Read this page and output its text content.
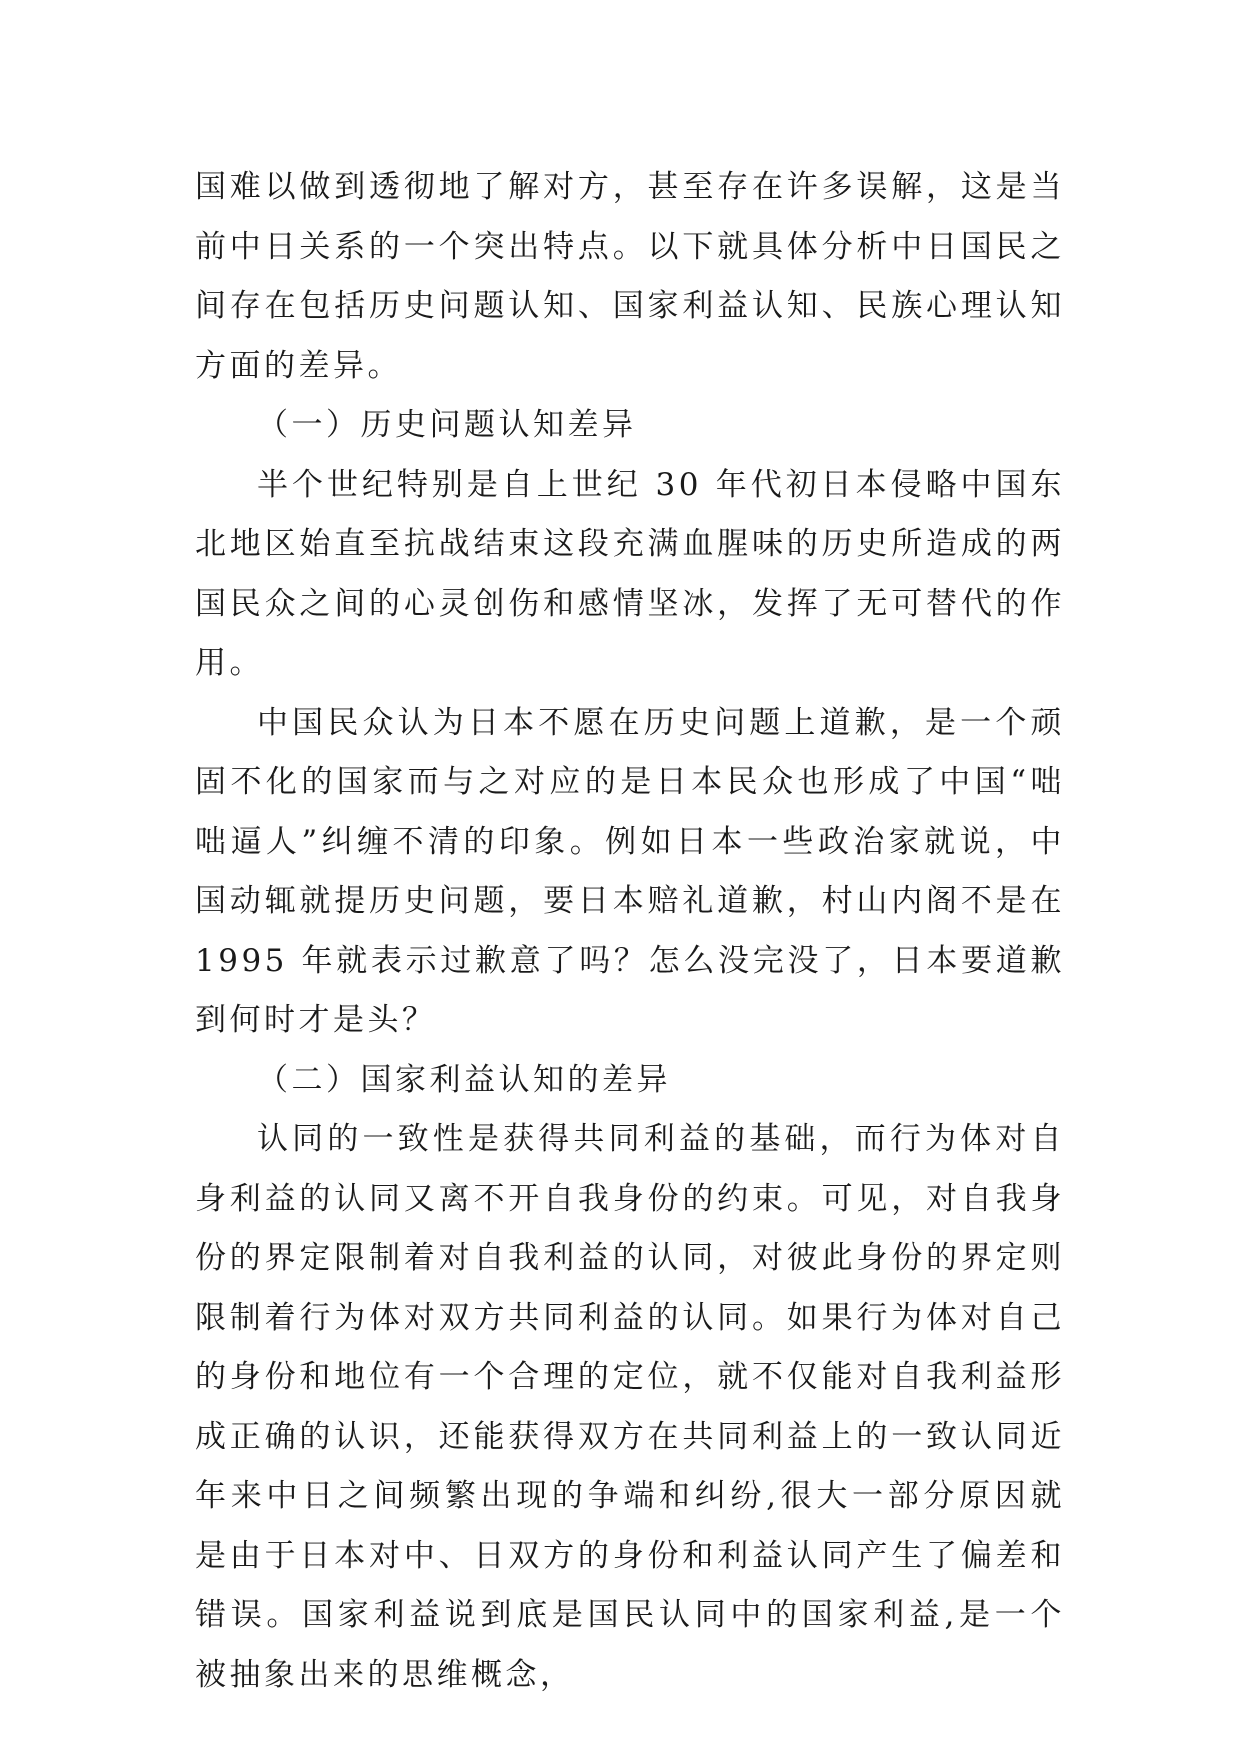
国难以做到透彻地了解对方，甚至存在许多误解，这是当前中日关系的一个突出特点。以下就具体分析中日国民之间存在包括历史问题认知、国家利益认知、民族心理认知方面的差异。

（一）历史问题认知差异

半个世纪特别是自上世纪 30 年代初日本侵略中国东北地区始直至抗战结束这段充满血腥味的历史所造成的两国民众之间的心灵创伤和感情坚冰，发挥了无可替代的作用。

中国民众认为日本不愿在历史问题上道歉，是一个顽固不化的国家而与之对应的是日本民众也形成了中国“咄咄逼人”纠缠不清的印象。例如日本一些政治家就说，中国动辄就提历史问题，要日本赔礼道歉，村山内阁不是在 1995 年就表示过歉意了吗？怎么没完没了，日本要道歉到何时才是头？

（二）国家利益认知的差异

认同的一致性是获得共同利益的基础，而行为体对自身利益的认同又离不开自我身份的约束。可见，对自我身份的界定限制着对自我利益的认同，对彼此身份的界定则限制着行为体对双方共同利益的认同。如果行为体对自己的身份和地位有一个合理的定位，就不仅能对自我利益形成正确的认识，还能获得双方在共同利益上的一致认同近年来中日之间频繁出现的争端和纠纷,很大一部分原因就是由于日本对中、日双方的身份和利益认同产生了偏差和错误。国家利益说到底是国民认同中的国家利益,是一个被抽象出来的思维概念，
